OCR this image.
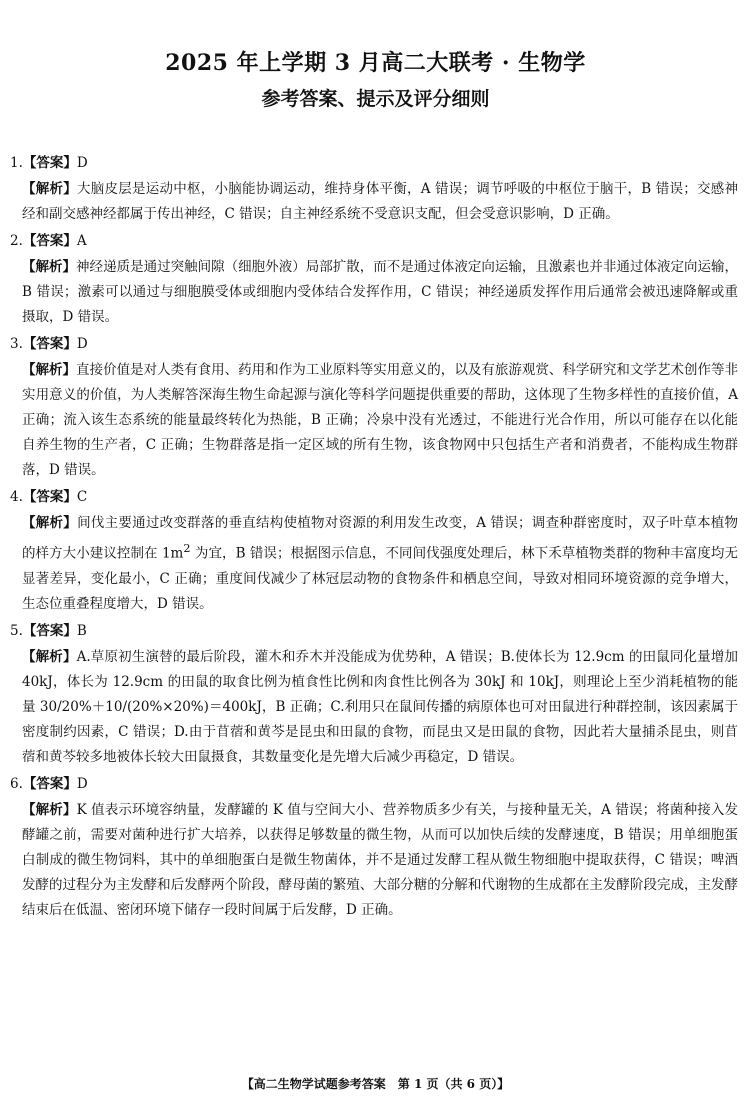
2025 年上学期 3 月高二大联考 · 生物学
参考答案、提示及评分细则
1.【答案】D
【解析】大脑皮层是运动中枢，小脑能协调运动，维持身体平衡，A 错误；调节呼吸的中枢位于脑干，B 错误；交感神经和副交感神经都属于传出神经，C 错误；自主神经系统不受意识支配，但会受意识影响，D 正确。
2.【答案】A
【解析】神经递质是通过突触间隙（细胞外液）局部扩散，而不是通过体液定向运输，且激素也并非通过体液定向运输，B 错误；激素可以通过与细胞膜受体或细胞内受体结合发挥作用，C 错误；神经递质发挥作用后通常会被迅速降解或重摄取，D 错误。
3.【答案】D
【解析】直接价值是对人类有食用、药用和作为工业原料等实用意义的，以及有旅游观赏、科学研究和文学艺术创作等非实用意义的价值，为人类解答深海生物生命起源与演化等科学问题提供重要的帮助，这体现了生物多样性的直接价值，A 正确；流入该生态系统的能量最终转化为热能，B 正确；冷泉中没有光透过，不能进行光合作用，所以可能存在以化能自养生物的生产者，C 正确；生物群落是指一定区域的所有生物，该食物网中只包括生产者和消费者，不能构成生物群落，D 错误。
4.【答案】C
【解析】间伐主要通过改变群落的垂直结构使植物对资源的利用发生改变，A 错误；调查种群密度时，双子叶草本植物的样方大小建议控制在 $1m^2$ 为宜，B 错误；根据图示信息，不同间伐强度处理后，林下禾草植物类群的物种丰富度均无显著差异，变化最小，C 正确；重度间伐减少了林冠层动物的食物条件和栖息空间，导致对相同环境资源的竞争增大，生态位重叠程度增大，D 错误。
5.【答案】B
【解析】A.草原初生演替的最后阶段，灌木和乔木并没能成为优势种，A 错误；B.使体长为 12.9cm 的田鼠同化量增加 40kJ，体长为 12.9cm 的田鼠的取食比例为植食性比例和肉食性比例各为 30kJ 和 10kJ，则理论上至少消耗植物的能量 30/20%＋10/(20%×20%)＝400kJ，B 正确；C.利用只在鼠间传播的病原体也可对田鼠进行种群控制，该因素属于密度制约因素，C 错误；D.由于苜蓿和黄芩是昆虫和田鼠的食物，而昆虫又是田鼠的食物，因此若大量捕杀昆虫，则苜蓿和黄芩较多地被体长较大田鼠摄食，其数量变化是先增大后减少再稳定，D 错误。
6.【答案】D
【解析】K 值表示环境容纳量，发酵罐的 K 值与空间大小、营养物质多少有关，与接种量无关，A 错误；将菌种接入发酵罐之前，需要对菌种进行扩大培养，以获得足够数量的微生物，从而可以加快后续的发酵速度，B 错误；用单细胞蛋白制成的微生物饲料，其中的单细胞蛋白是微生物菌体，并不是通过发酵工程从微生物细胞中提取获得，C 错误；啤酒发酵的过程分为主发酵和后发酵两个阶段，酵母菌的繁殖、大部分糖的分解和代谢物的生成都在主发酵阶段完成，主发酵结束后在低温、密闭环境下储存一段时间属于后发酵，D 正确。
【高二生物学试题参考答案　第 1 页（共 6 页）】
